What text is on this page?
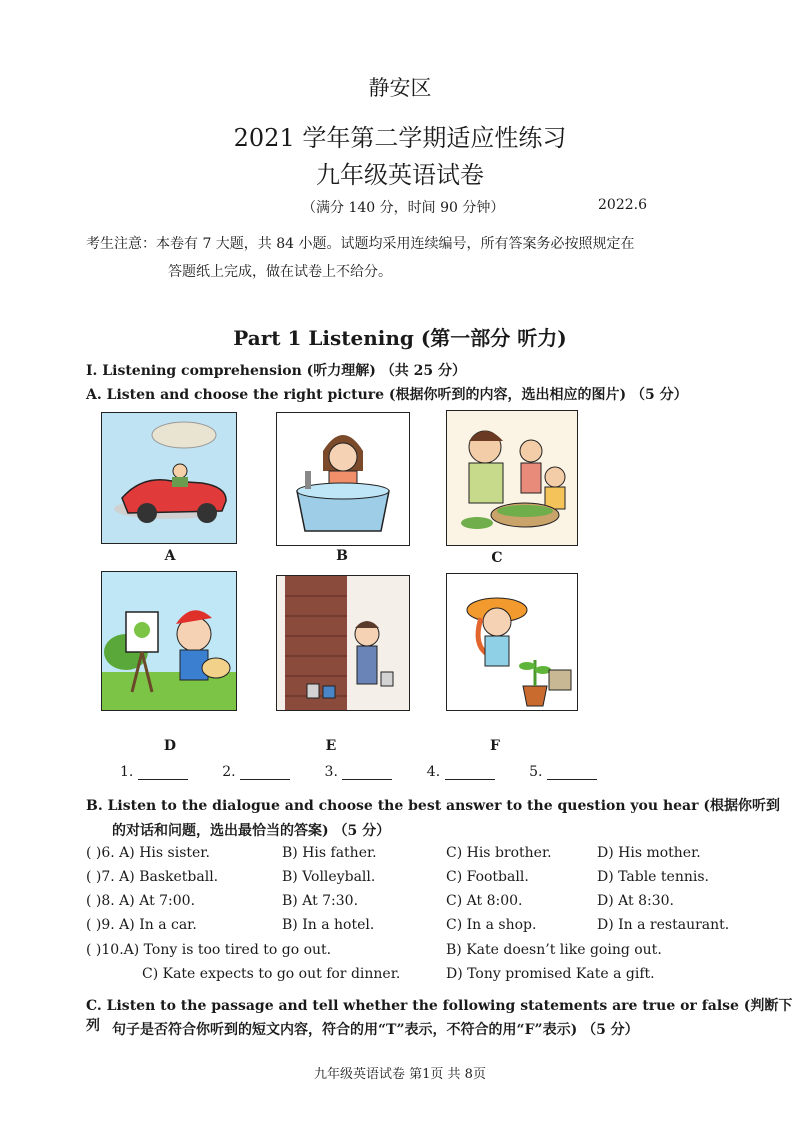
静安区
2021 学年第二学期适应性练习
九年级英语试卷
（满分 140 分，时间 90 分钟）	2022.6
考生注意：本卷有 7 大题，共 84 小题。试题均采用连续编号，所有答案务必按照规定在
答题纸上完成，做在试卷上不给分。
Part 1 Listening (第一部分 听力)
I. Listening comprehension (听力理解) （共 25 分）
A. Listen and choose the right picture (根据你听到的内容，选出相应的图片) （5 分）
A	B	C
D	E	F
1.	2.	3.	4.	5.
B. Listen to the dialogue and choose the best answer to the question you hear (根据你听到
的对话和问题，选出最恰当的答案) （5 分）
( )6. A) His sister.	B) His father.	C) His brother.	D) His mother.
( )7. A) Basketball.	B) Volleyball.	C) Football.	D) Table tennis.
( )8. A) At 7:00.	B) At 7:30.	C) At 8:00.	D) At 8:30.
( )9. A) In a car.	B) In a hotel.	C) In a shop.	D) In a restaurant.
( )10.A) Tony is too tired to go out.	B) Kate doesn’t like going out.
C) Kate expects to go out for dinner.	D) Tony promised Kate a gift.
C. Listen to the passage and tell whether the following statements are true or false (判断下列 句子是否符合你听到的短文内容，符合的用“T”表示，不符合的用“F”表示) （5 分）
九年级英语试卷 第1页 共 8页
